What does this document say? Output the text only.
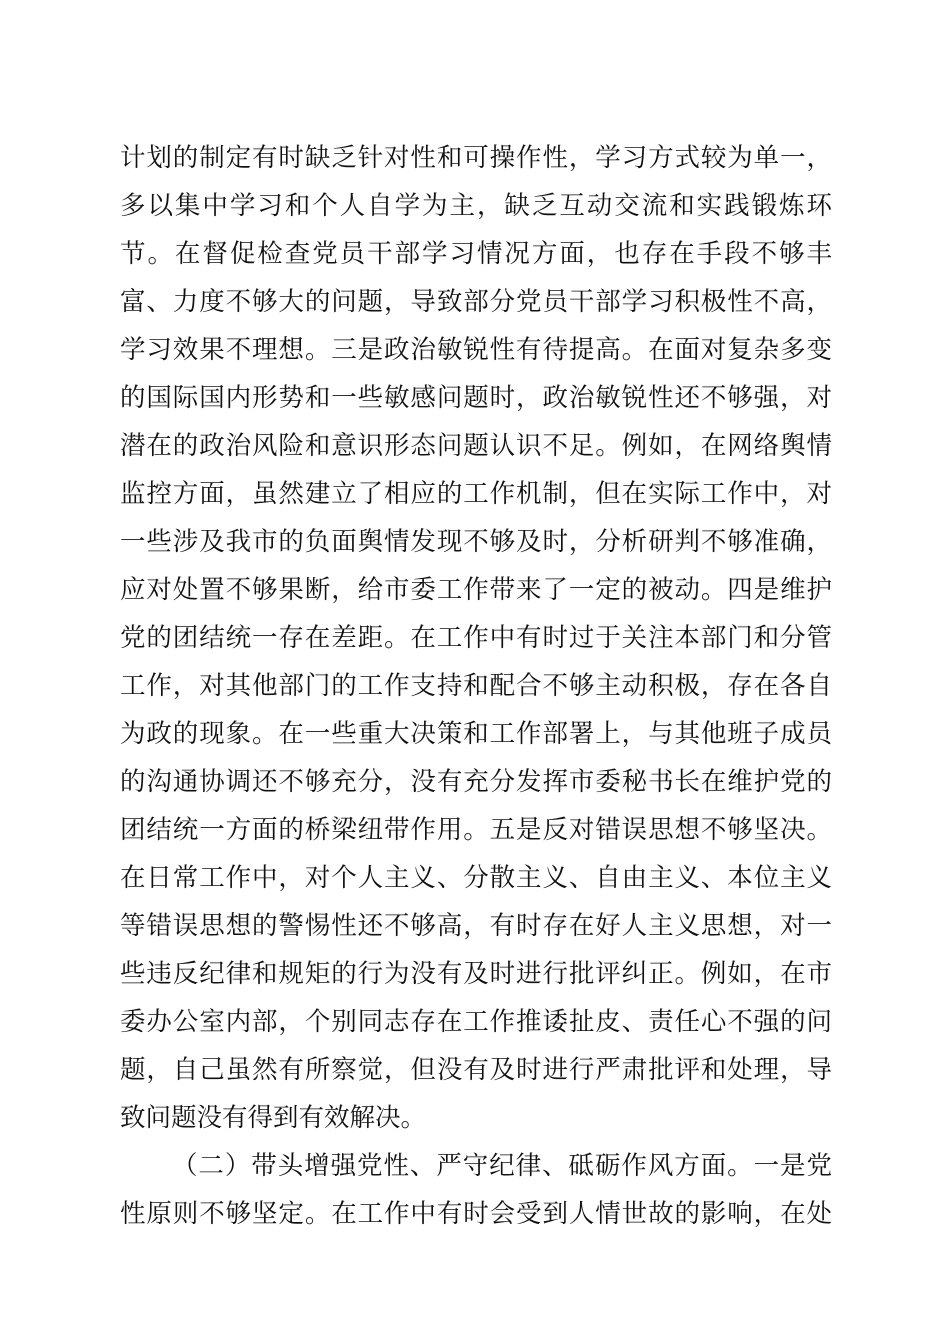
计划的制定有时缺乏针对性和可操作性，学习方式较为单一，

多以集中学习和个人自学为主，缺乏互动交流和实践锻炼环

节。在督促检查党员干部学习情况方面，也存在手段不够丰

富、力度不够大的问题，导致部分党员干部学习积极性不高，

学习效果不理想。三是政治敏锐性有待提高。在面对复杂多变

的国际国内形势和一些敏感问题时，政治敏锐性还不够强，对

潜在的政治风险和意识形态问题认识不足。例如，在网络舆情

监控方面，虽然建立了相应的工作机制，但在实际工作中，对

一些涉及我市的负面舆情发现不够及时，分析研判不够准确，

应对处置不够果断，给市委工作带来了一定的被动。四是维护

党的团结统一存在差距。在工作中有时过于关注本部门和分管

工作，对其他部门的工作支持和配合不够主动积极，存在各自

为政的现象。在一些重大决策和工作部署上，与其他班子成员

的沟通协调还不够充分，没有充分发挥市委秘书长在维护党的

团结统一方面的桥梁纽带作用。五是反对错误思想不够坚决。

在日常工作中，对个人主义、分散主义、自由主义、本位主义

等错误思想的警惕性还不够高，有时存在好人主义思想，对一

些违反纪律和规矩的行为没有及时进行批评纠正。例如，在市

委办公室内部，个别同志存在工作推诿扯皮、责任心不强的问

题，自己虽然有所察觉，但没有及时进行严肃批评和处理，导

致问题没有得到有效解决。

（二）带头增强党性、严守纪律、砥砺作风方面。一是党

性原则不够坚定。在工作中有时会受到人情世故的影响，在处
